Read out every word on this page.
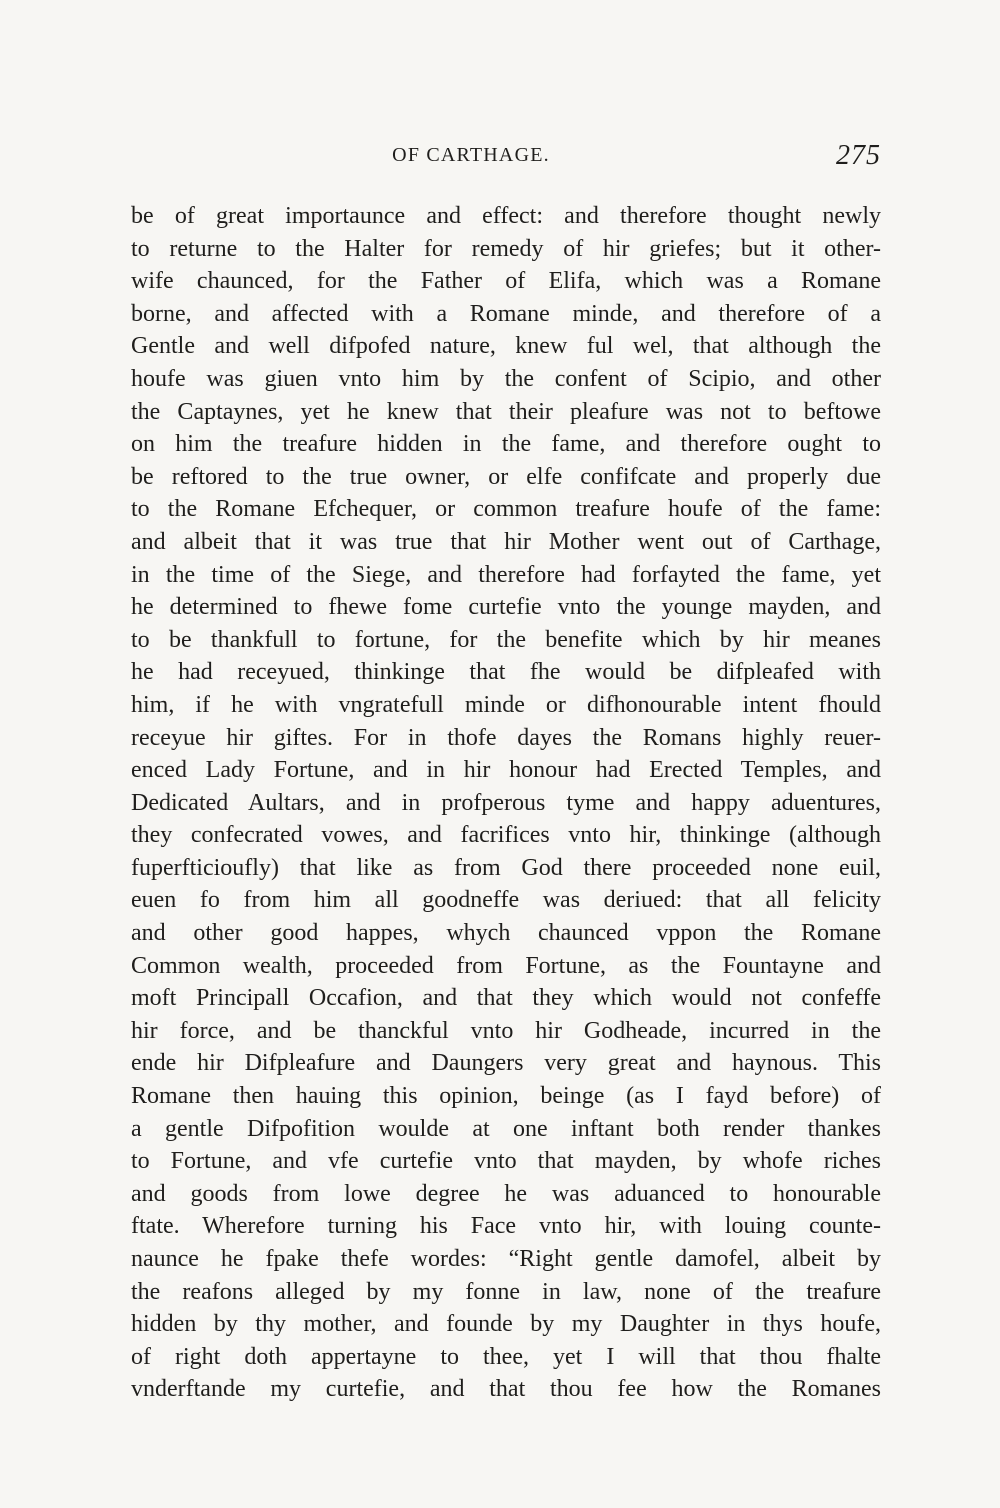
OF CARTHAGE.	275
be of great importaunce and effect: and therefore thought newly
to returne to the Halter for remedy of hir griefes; but it other-
wife chaunced, for the Father of Elifa, which was a Romane
borne, and affected with a Romane minde, and therefore of a
Gentle and well difpofed nature, knew ful wel, that although the
houfe was giuen vnto him by the confent of Scipio, and other
the Captaynes, yet he knew that their pleafure was not to beftowe
on him the treafure hidden in the fame, and therefore ought to
be reftored to the true owner, or elfe confifcate and properly due
to the Romane Efchequer, or common treafure houfe of the fame:
and albeit that it was true that hir Mother went out of Carthage,
in the time of the Siege, and therefore had forfayted the fame, yet
he determined to fhewe fome curtefie vnto the younge mayden, and
to be thankfull to fortune, for the benefite which by hir meanes
he had receyued, thinkinge that fhe would be difpleafed with
him, if he with vngratefull minde or difhonourable intent fhould
receyue hir giftes. For in thofe dayes the Romans highly reuer-
enced Lady Fortune, and in hir honour had Erected Temples, and
Dedicated Aultars, and in profperous tyme and happy aduentures,
they confecrated vowes, and facrifices vnto hir, thinkinge (although
fuperfticioufly) that like as from God there proceeded none euil,
euen fo from him all goodneffe was deriued: that all felicity
and other good happes, whych chaunced vppon the Romane
Common wealth, proceeded from Fortune, as the Fountayne and
moft Principall Occafion, and that they which would not confeffe
hir force, and be thanckful vnto hir Godheade, incurred in the
ende hir Difpleafure and Daungers very great and haynous. This
Romane then hauing this opinion, beinge (as I fayd before) of
a gentle Difpofition woulde at one inftant both render thankes
to Fortune, and vfe curtefie vnto that mayden, by whofe riches
and goods from lowe degree he was aduanced to honourable
ftate. Wherefore turning his Face vnto hir, with louing counte-
naunce he fpake thefe wordes: “Right gentle damofel, albeit by
the reafons alleged by my fonne in law, none of the treafure
hidden by thy mother, and founde by my Daughter in thys houfe,
of right doth appertayne to thee, yet I will that thou fhalte
vnderftande my curtefie, and that thou fee how the Romanes
